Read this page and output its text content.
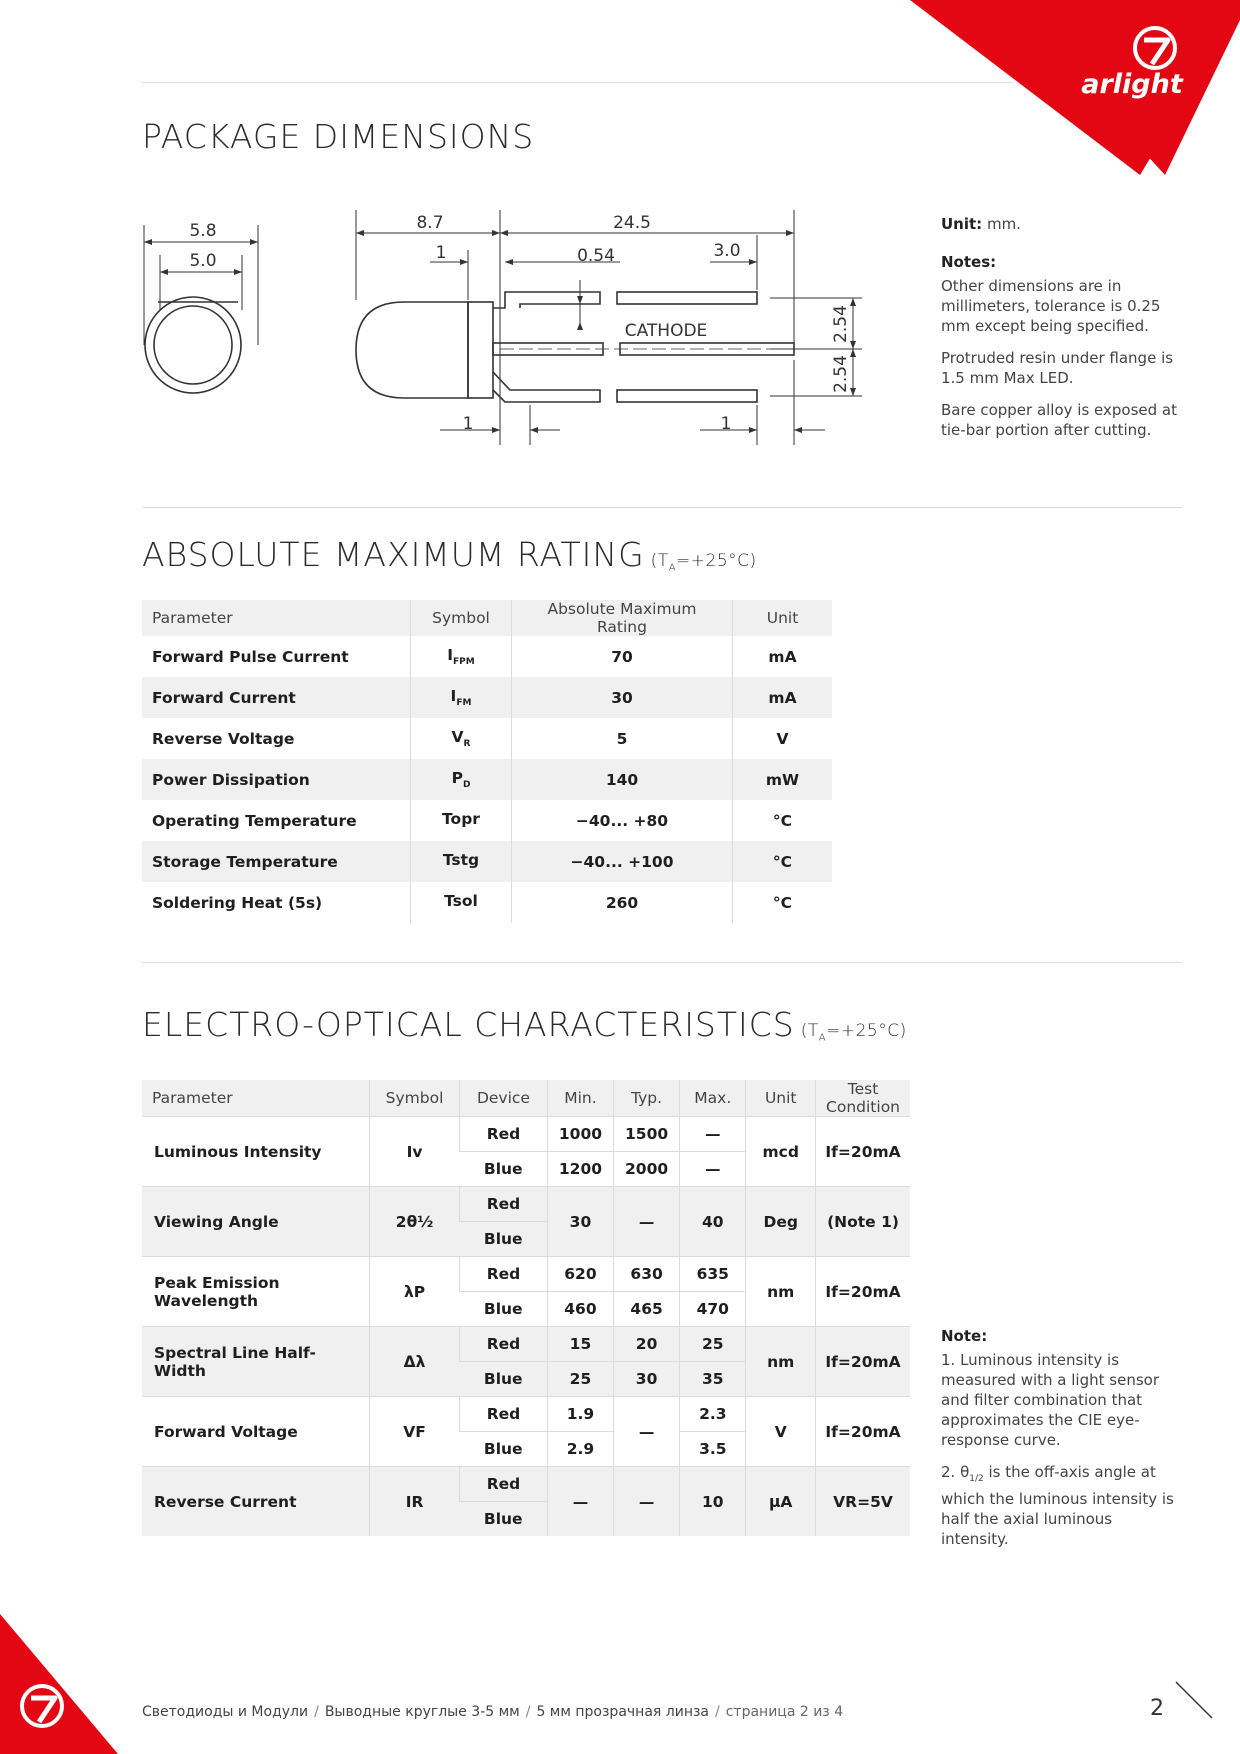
arlight
PACKAGE DIMENSIONS
5.8
5.0
8.7	24.5
1	0.54	3.0
CATHODE
1	1
2.54
2.54

Unit: mm.

Notes:

Other dimensions are in millimeters, tolerance is 0.25 mm except being specified.

Protruded resin under flange is 1.5 mm Max LED.

Bare copper alloy is exposed at tie-bar portion after cutting.

ABSOLUTE MAXIMUM RATING $(T_A=+25^\circ C)$
Parameter	Symbol	Absolute Maximum Rating	Unit
Forward Pulse Current	$I_{FPM}$	70	mA
Forward Current	$I_{FM}$	30	mA
Reverse Voltage	$V_R$	5	V
Power Dissipation	$P_D$	140	mW
Operating Temperature	Topr	−40... +80	°C
Storage Temperature	Tstg	−40... +100	°C
Soldering Heat (5s)	Tsol	260	°C
ELECTRO-OPTICAL CHARACTERISTICS $(T_A=+25^\circ C)$
Parameter	Symbol	Device	Min.	Typ.	Max.	Unit	Test Condition
Luminous Intensity	Iv	Red	1000	1500	—	mcd	If=20mA
		Blue	1200	2000	—		
Viewing Angle	2θ½	Red	30	—	40	Deg	(Note 1)
		Blue					
Peak Emission Wavelength	λP	Red	620	630	635	nm	If=20mA
		Blue	460	465	470		
Spectral Line Half-Width	Δλ	Red	15	20	25	nm	If=20mA
		Blue	25	30	35		
Forward Voltage	VF	Red	1.9	—	2.3	V	If=20mA
		Blue	2.9		3.5		
Reverse Current	IR	Red	—	—	10	μA	VR=5V
		Blue					

Note:

1. Luminous intensity is measured with a light sensor and filter combination that approximates the CIE eye-response curve.

2. $\theta_{1/2}$ is the off-axis angle at which the luminous intensity is half the axial luminous intensity.

Светодиоды и Модули / Выводные круглые 3-5 мм / 5 мм прозрачная линза / страница 2 из 4	2
